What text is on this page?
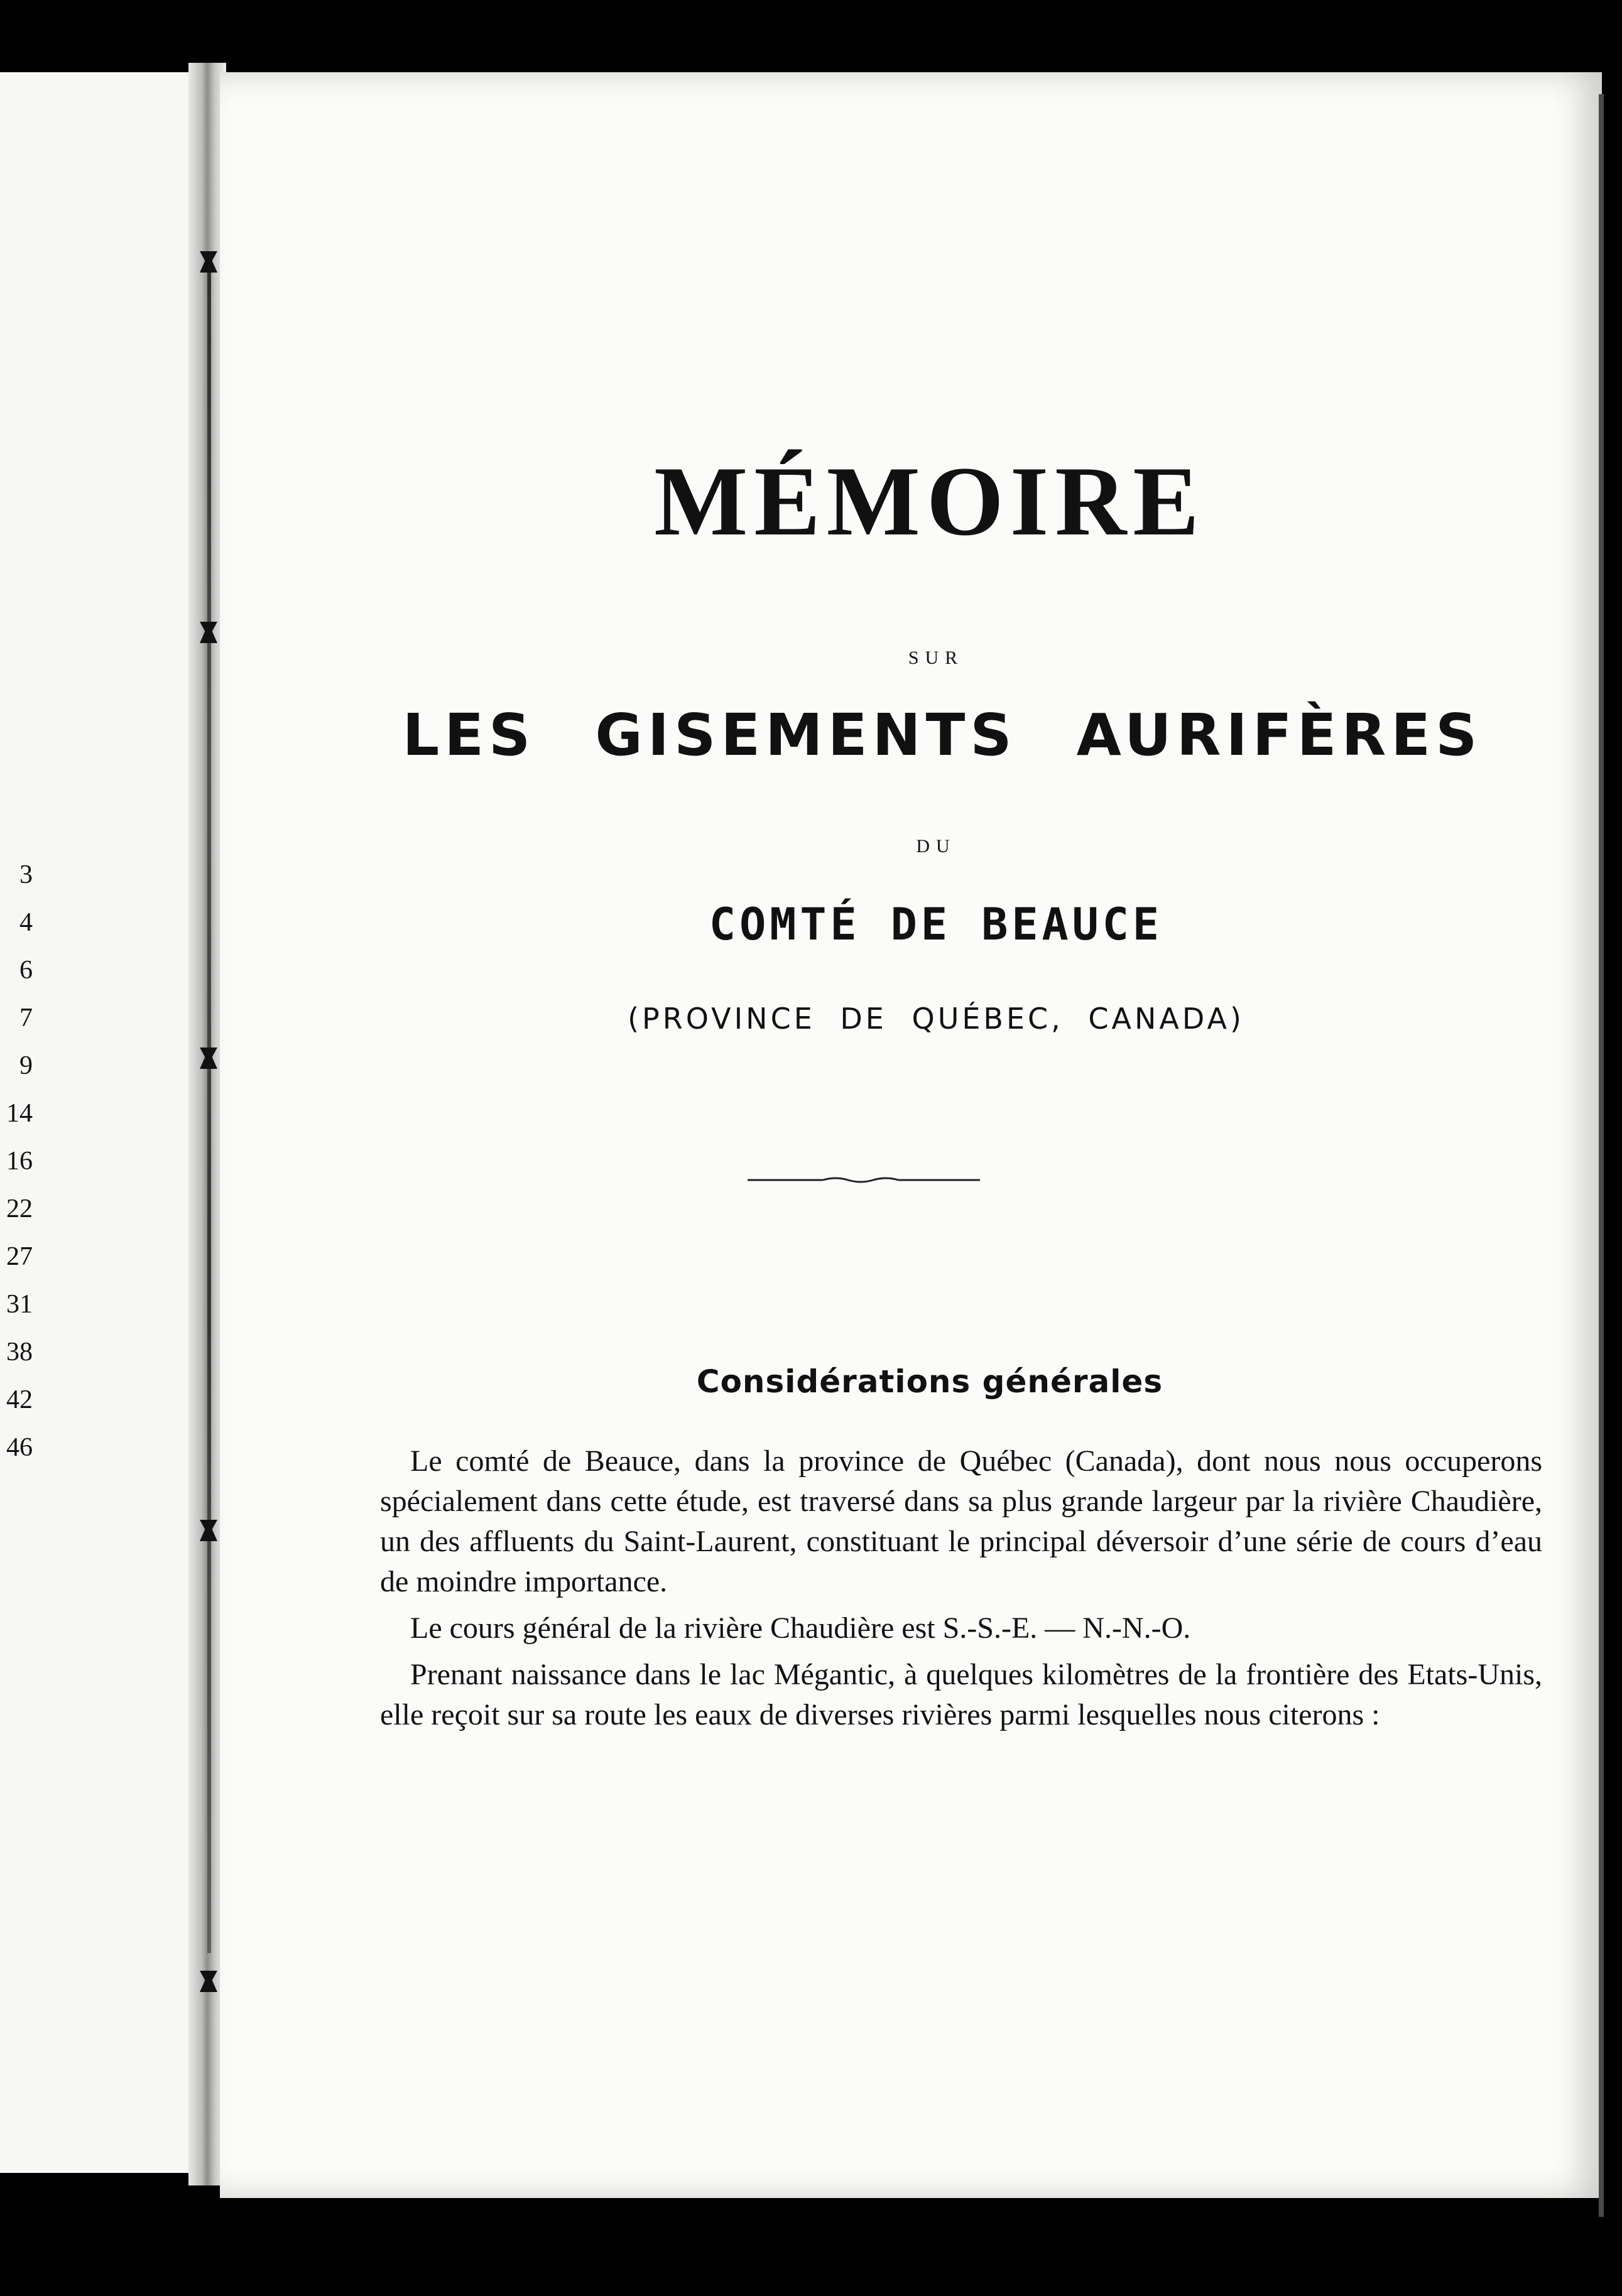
3
4
6
7
9
14
16
22
27
31
38
42
46
MÉMOIRE
SUR
LES GISEMENTS AURIFÈRES
DU
COMTÉ DE BEAUCE
(PROVINCE DE QUÉBEC, CANADA)
Considérations générales

Le comté de Beauce, dans la province de Québec (Canada), dont nous nous occuperons spécialement dans cette étude, est traversé dans sa plus grande largeur par la rivière Chaudière, un des affluents du Saint-Laurent, constituant le principal déversoir d’une série de cours d’eau de moindre importance.

Le cours général de la rivière Chaudière est S.-S.-E. — N.-N.-O.

Prenant naissance dans le lac Mégantic, à quelques kilomètres de la frontière des Etats-Unis, elle reçoit sur sa route les eaux de diverses rivières parmi lesquelles nous citerons :
